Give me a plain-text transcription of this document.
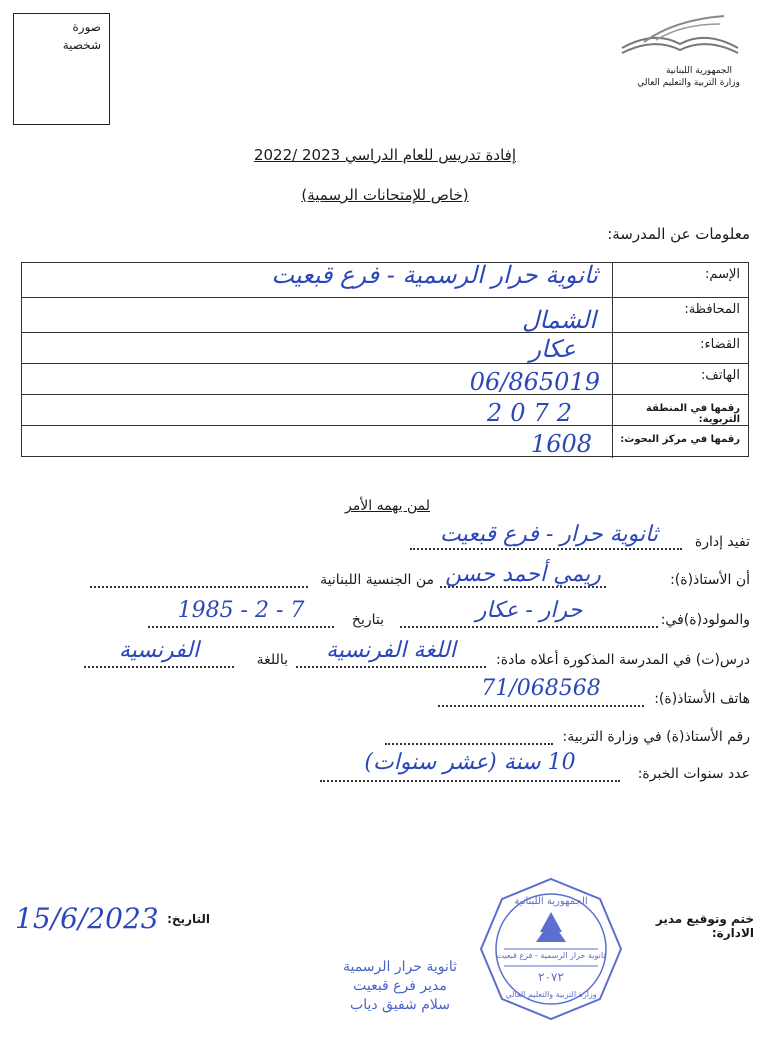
صورة
شخصية
الجمهورية اللبنانية
وزارة التربية والتعليم العالي
إفادة تدريس للعام الدراسي 2023 /2022
(خاص للإمتحانات الرسمية)
معلومات عن المدرسة:
الإسم:
ثانوية حرار الرسمية - فرع قبعيت
المحافظة:
الشمال
القضاء:
عكار
الهاتف:
06/865019
رقمها في المنطقة التربوية:
2072
رقمها في مركز البحوث:
1608
لمن يهمه الأمر
تفيد إدارة
ثانوية حرار - فرع قبعيت
أن الأستاذ(ة):
ريمي أحمد حسن
من الجنسية اللبنانية
والمولود(ة)في:
حرار - عكار
بتاريخ
1985 - 2 - 7
درس(ت) في المدرسة المذكورة أعلاه مادة:
اللغة الفرنسية
باللغة
الفرنسية
هاتف الأستاذ(ة):
71/068568
رقم الأستاذ(ة) في وزارة التربية:
عدد سنوات الخبرة:
10 سنة (عشر سنوات)
ختم وتوقيع مدير الادارة:
التاريخ:
15/6/2023
الجمهورية اللبنانية
ثانوية حرار الرسمية - فرع قبعيت
٢٠٧٢
وزارة التربية والتعليم العالي
ثانوية حرار الرسمية
مدير فرع قبعيت
سلام شفيق دياب
